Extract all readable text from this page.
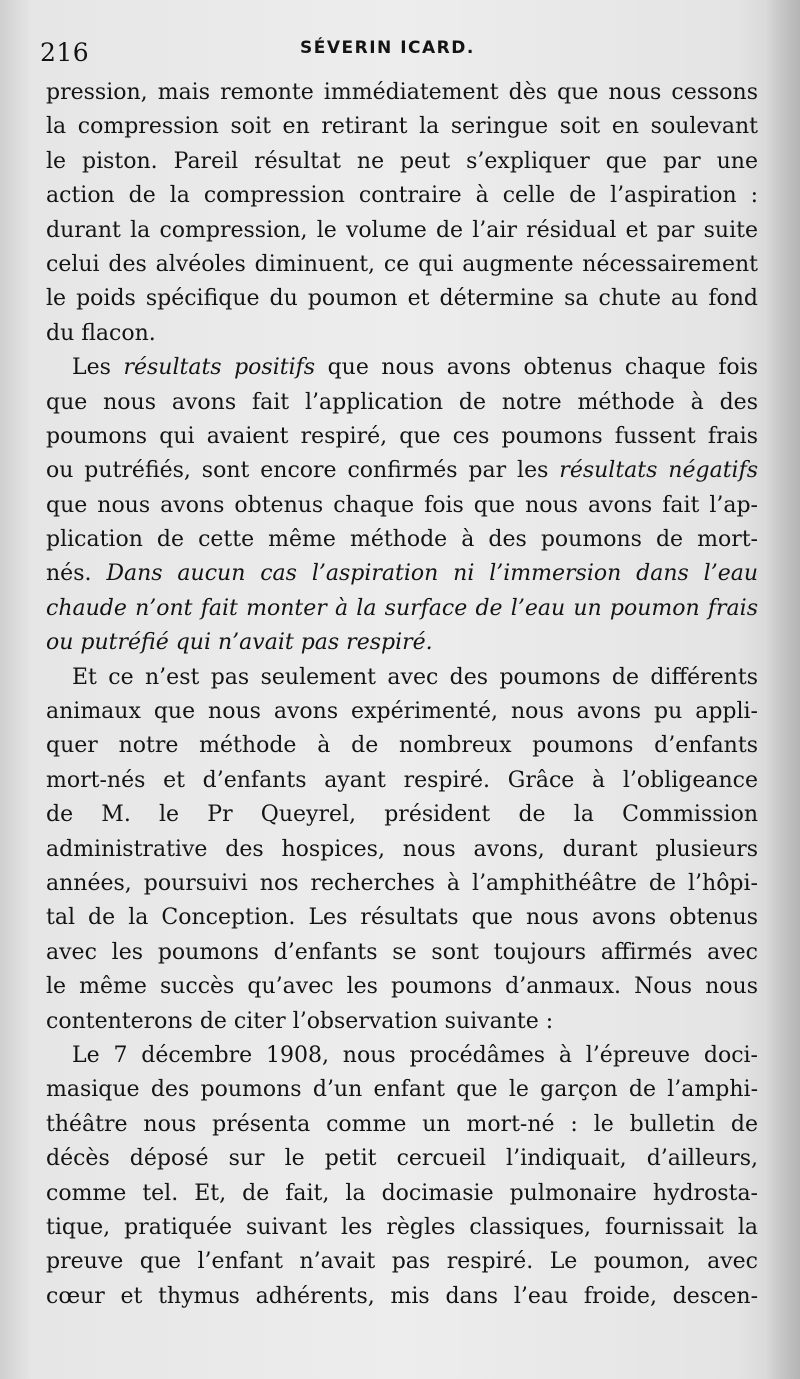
216	SÉVERIN ICARD.
pression, mais remonte immédiatement dès que nous cessons
la compression soit en retirant la seringue soit en soulevant
le piston. Pareil résultat ne peut s’expliquer que par une
action de la compression contraire à celle de l’aspiration :
durant la compression, le volume de l’air résidual et par suite
celui des alvéoles diminuent, ce qui augmente nécessairement
le poids spécifique du poumon et détermine sa chute au fond
du flacon.
Les résultats positifs que nous avons obtenus chaque fois
que nous avons fait l’application de notre méthode à des
poumons qui avaient respiré, que ces poumons fussent frais
ou putréfiés, sont encore confirmés par les résultats négatifs
que nous avons obtenus chaque fois que nous avons fait l’ap-
plication de cette même méthode à des poumons de mort-
nés. Dans aucun cas l’aspiration ni l’immersion dans l’eau
chaude n’ont fait monter à la surface de l’eau un poumon frais
ou putréfié qui n’avait pas respiré.
Et ce n’est pas seulement avec des poumons de différents
animaux que nous avons expérimenté, nous avons pu appli-
quer notre méthode à de nombreux poumons d’enfants
mort-nés et d’enfants ayant respiré. Grâce à l’obligeance
de M. le Pr Queyrel, président de la Commission
administrative des hospices, nous avons, durant plusieurs
années, poursuivi nos recherches à l’amphithéâtre de l’hôpi-
tal de la Conception. Les résultats que nous avons obtenus
avec les poumons d’enfants se sont toujours affirmés avec
le même succès qu’avec les poumons d’anmaux. Nous nous
contenterons de citer l’observation suivante :
Le 7 décembre 1908, nous procédâmes à l’épreuve doci-
masique des poumons d’un enfant que le garçon de l’amphi-
théâtre nous présenta comme un mort-né : le bulletin de
décès déposé sur le petit cercueil l’indiquait, d’ailleurs,
comme tel. Et, de fait, la docimasie pulmonaire hydrosta-
tique, pratiquée suivant les règles classiques, fournissait la
preuve que l’enfant n’avait pas respiré. Le poumon, avec
cœur et thymus adhérents, mis dans l’eau froide, descen-
